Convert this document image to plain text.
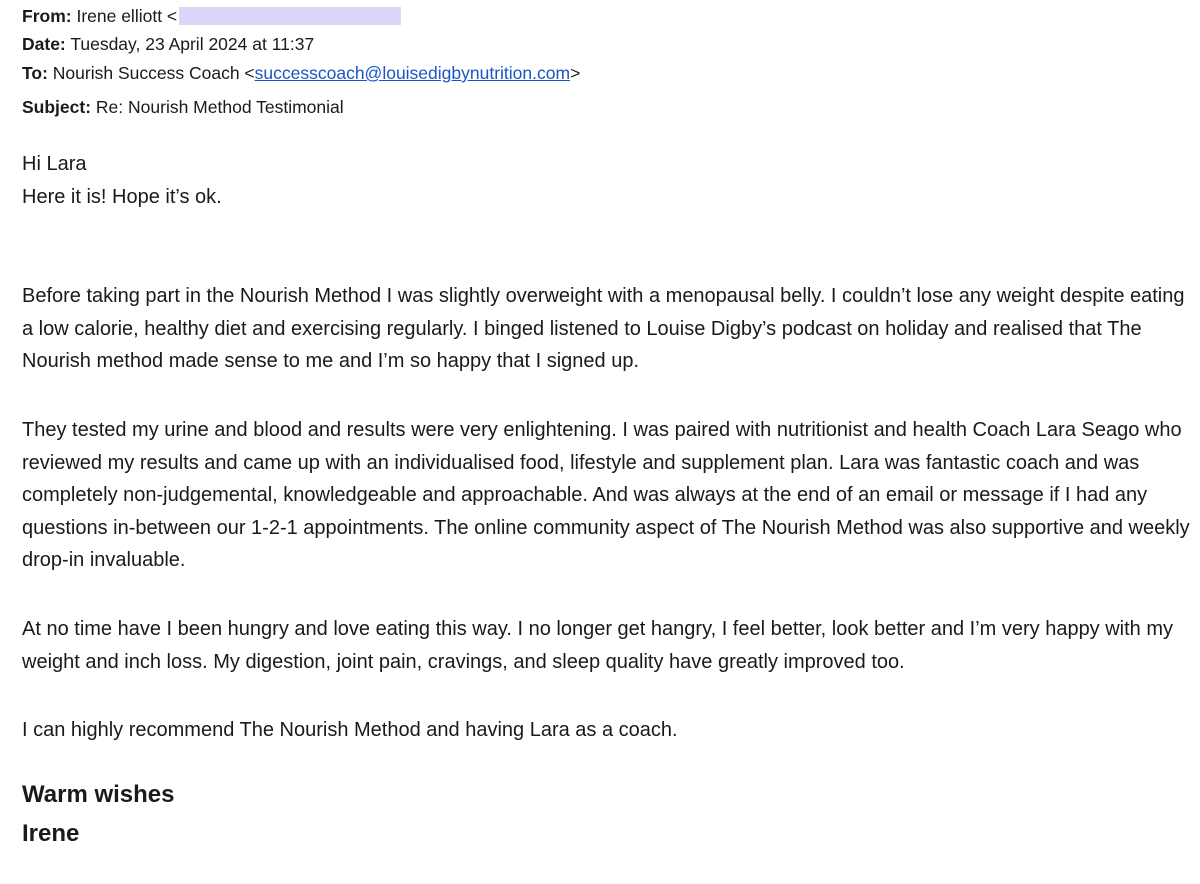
From: Irene elliott <
Date: Tuesday, 23 April 2024 at 11:37
To: Nourish Success Coach <successcoach@louisedigbynutrition.com>
Subject: Re: Nourish Method Testimonial
Hi Lara
Here it is! Hope it’s ok.

Before taking part in the Nourish Method I was slightly overweight with a menopausal belly. I couldn’t lose any weight despite eating a low calorie, healthy diet and exercising regularly. I binged listened to Louise Digby’s podcast on holiday and realised that The Nourish method made sense to me and I’m so happy that I signed up.

They tested my urine and blood and results were very enlightening. I was paired with nutritionist and health Coach Lara Seago who reviewed my results and came up with an individualised food, lifestyle and supplement plan. Lara was fantastic coach and was completely non-judgemental, knowledgeable and approachable. And was always at the end of an email or message if I had any questions in-between our 1-2-1 appointments. The online community aspect of The Nourish Method was also supportive and weekly drop-in invaluable.

At no time have I been hungry and love eating this way. I no longer get hangry, I feel better, look better and I’m very happy with my weight and inch loss. My digestion, joint pain, cravings, and sleep quality have greatly improved too.

I can highly recommend The Nourish Method and having Lara as a coach.

Warm wishes
Irene
